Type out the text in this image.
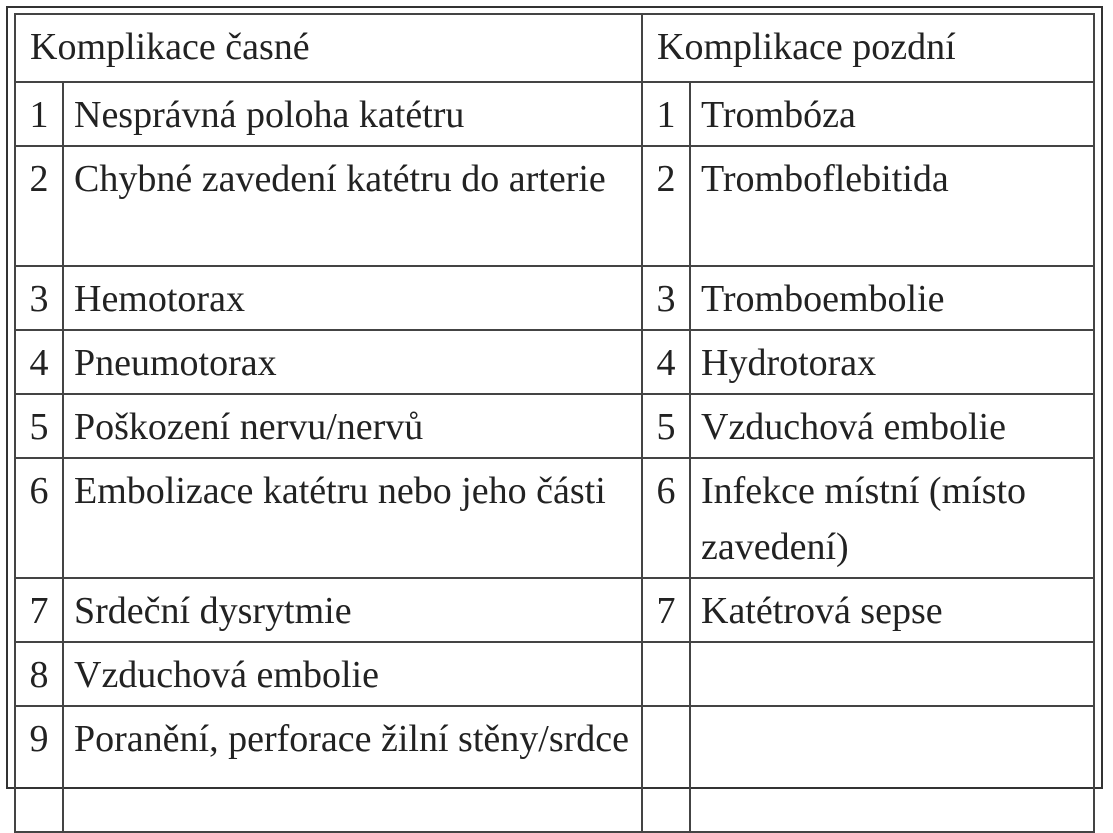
Komplikace časné		Komplikace pozdní	
1	Nesprávná poloha katétru	1	Trombóza
2	Chybné zavedení katétru do arterie	2	Tromboflebitida
3	Hemotorax	3	Tromboembolie
4	Pneumotorax	4	Hydrotorax
5	Poškození nervu/nervů	5	Vzduchová embolie
6	Embolizace katétru nebo jeho části	6	Infekce místní (místo zavedení)
7	Srdeční dysrytmie	7	Katétrová sepse
8	Vzduchová embolie		
9	Poranění, perforace žilní stěny/srdce		
